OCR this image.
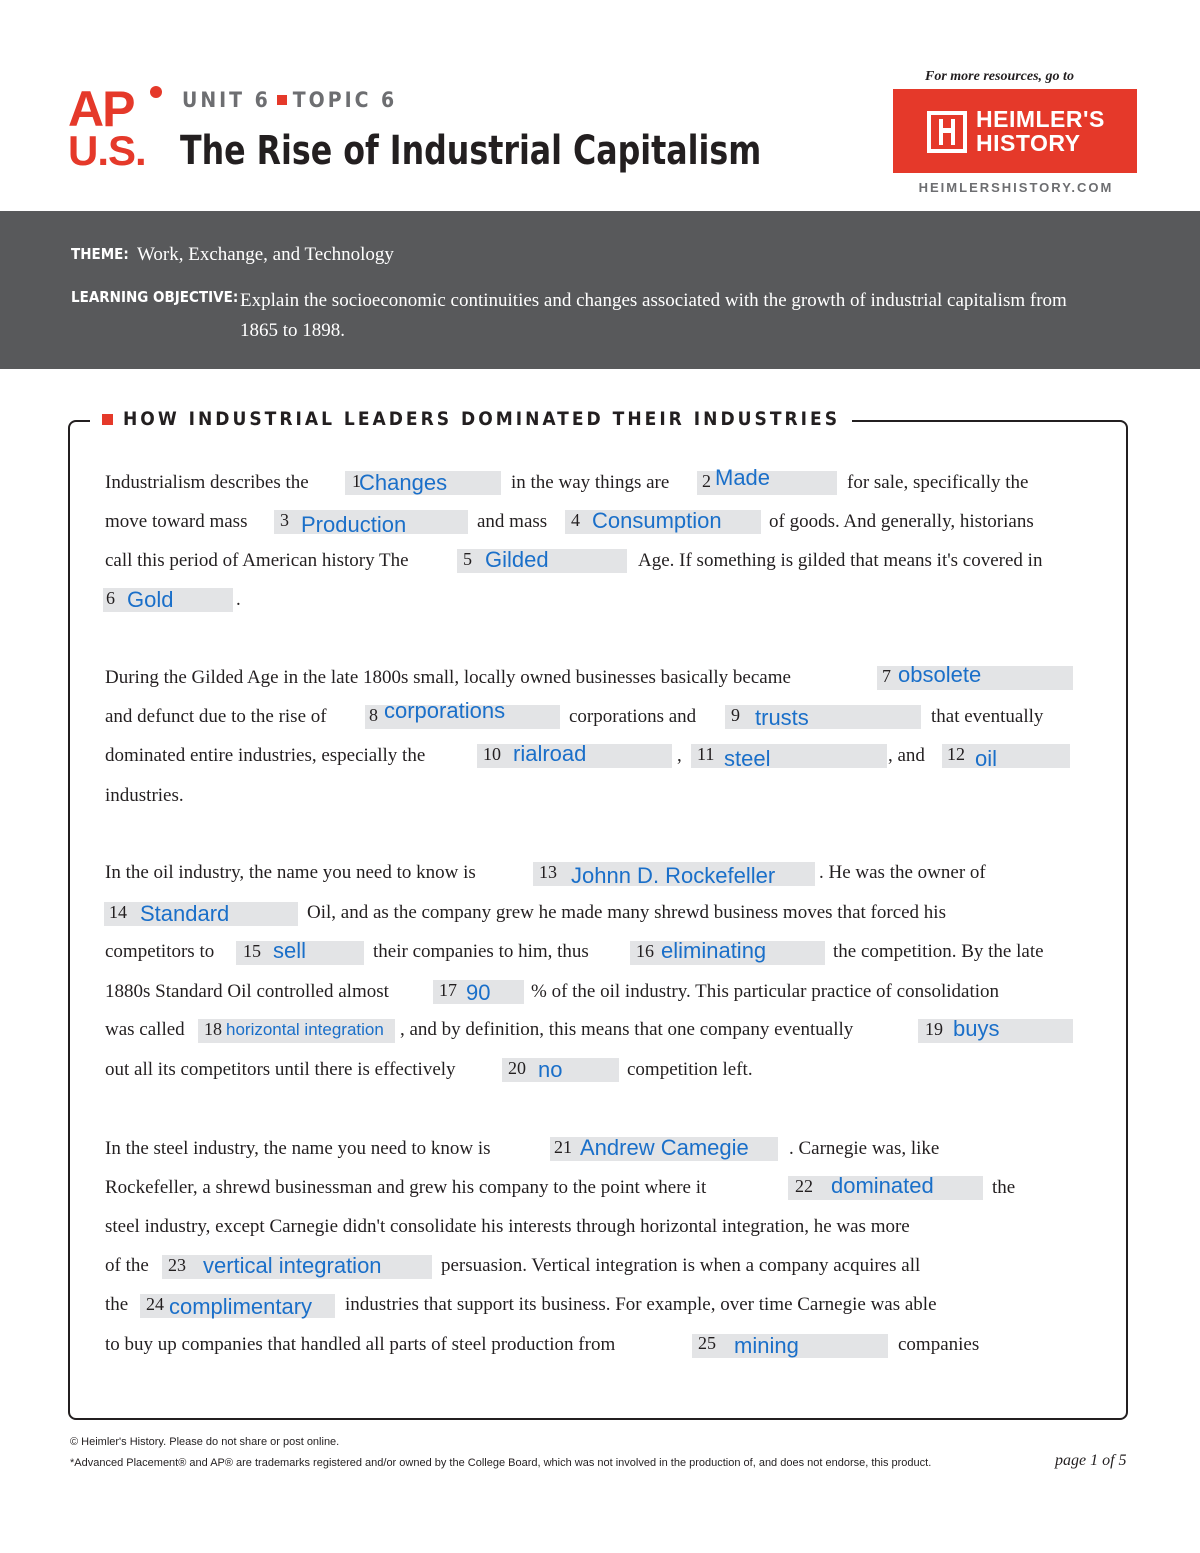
AP
U.S.
UNIT 6 TOPIC 6
The Rise of Industrial Capitalism
For more resources, go to
HEIMLER'S
HISTORY
HEIMLERSHISTORY.COM
THEME: Work, Exchange, and Technology
LEARNING OBJECTIVE: Explain the socioeconomic continuities and changes associated with the growth of industrial capitalism from 1865 to 1898.
HOW INDUSTRIAL LEADERS DOMINATED THEIR INDUSTRIES
Industrialism describes the	in the way things are	for sale, specifically the
move toward mass	and mass	of goods. And generally, historians
call this period of American history The	Age. If something is gilded that means it's covered in
.
During the Gilded Age in the late 1800s small, locally owned businesses basically became
and defunct due to the rise of	corporations and	that eventually
dominated entire industries, especially the	,	, and
industries.
In the oil industry, the name you need to know is	. He was the owner of
Oil, and as the company grew he made many shrewd business moves that forced his
competitors to	their companies to him, thus	the competition. By the late
1880s Standard Oil controlled almost	% of the oil industry. This particular practice of consolidation
was called	, and by definition, this means that one company eventually
out all its competitors until there is effectively	competition left.
In the steel industry, the name you need to know is	. Carnegie was, like
Rockefeller, a shrewd businessman and grew his company to the point where it	the
steel industry, except Carnegie didn't consolidate his interests through horizontal integration, he was more
of the	persuasion. Vertical integration is when a company acquires all
the	industries that support its business. For example, over time Carnegie was able
to buy up companies that handled all parts of steel production from	companies
1
Changes	2 Made
3 Production	4 Consumption
5 Gilded
6 Gold
7 obsolete
8 corporations	9 trusts
10 rialroad	11 steel	12 oil
13 Johnn D. Rockefeller
14 Standard
15 sell	16 eliminating
17 90
18 horizontal integration	19 buys
20 no
21 Andrew Camegie
22 dominated
23 vertical integration
24 complimentary
25 mining
© Heimler's History. Please do not share or post online.
*Advanced Placement® and AP® are trademarks registered and/or owned by the College Board, which was not involved in the production of, and does not endorse, this product.	page 1 of 5
